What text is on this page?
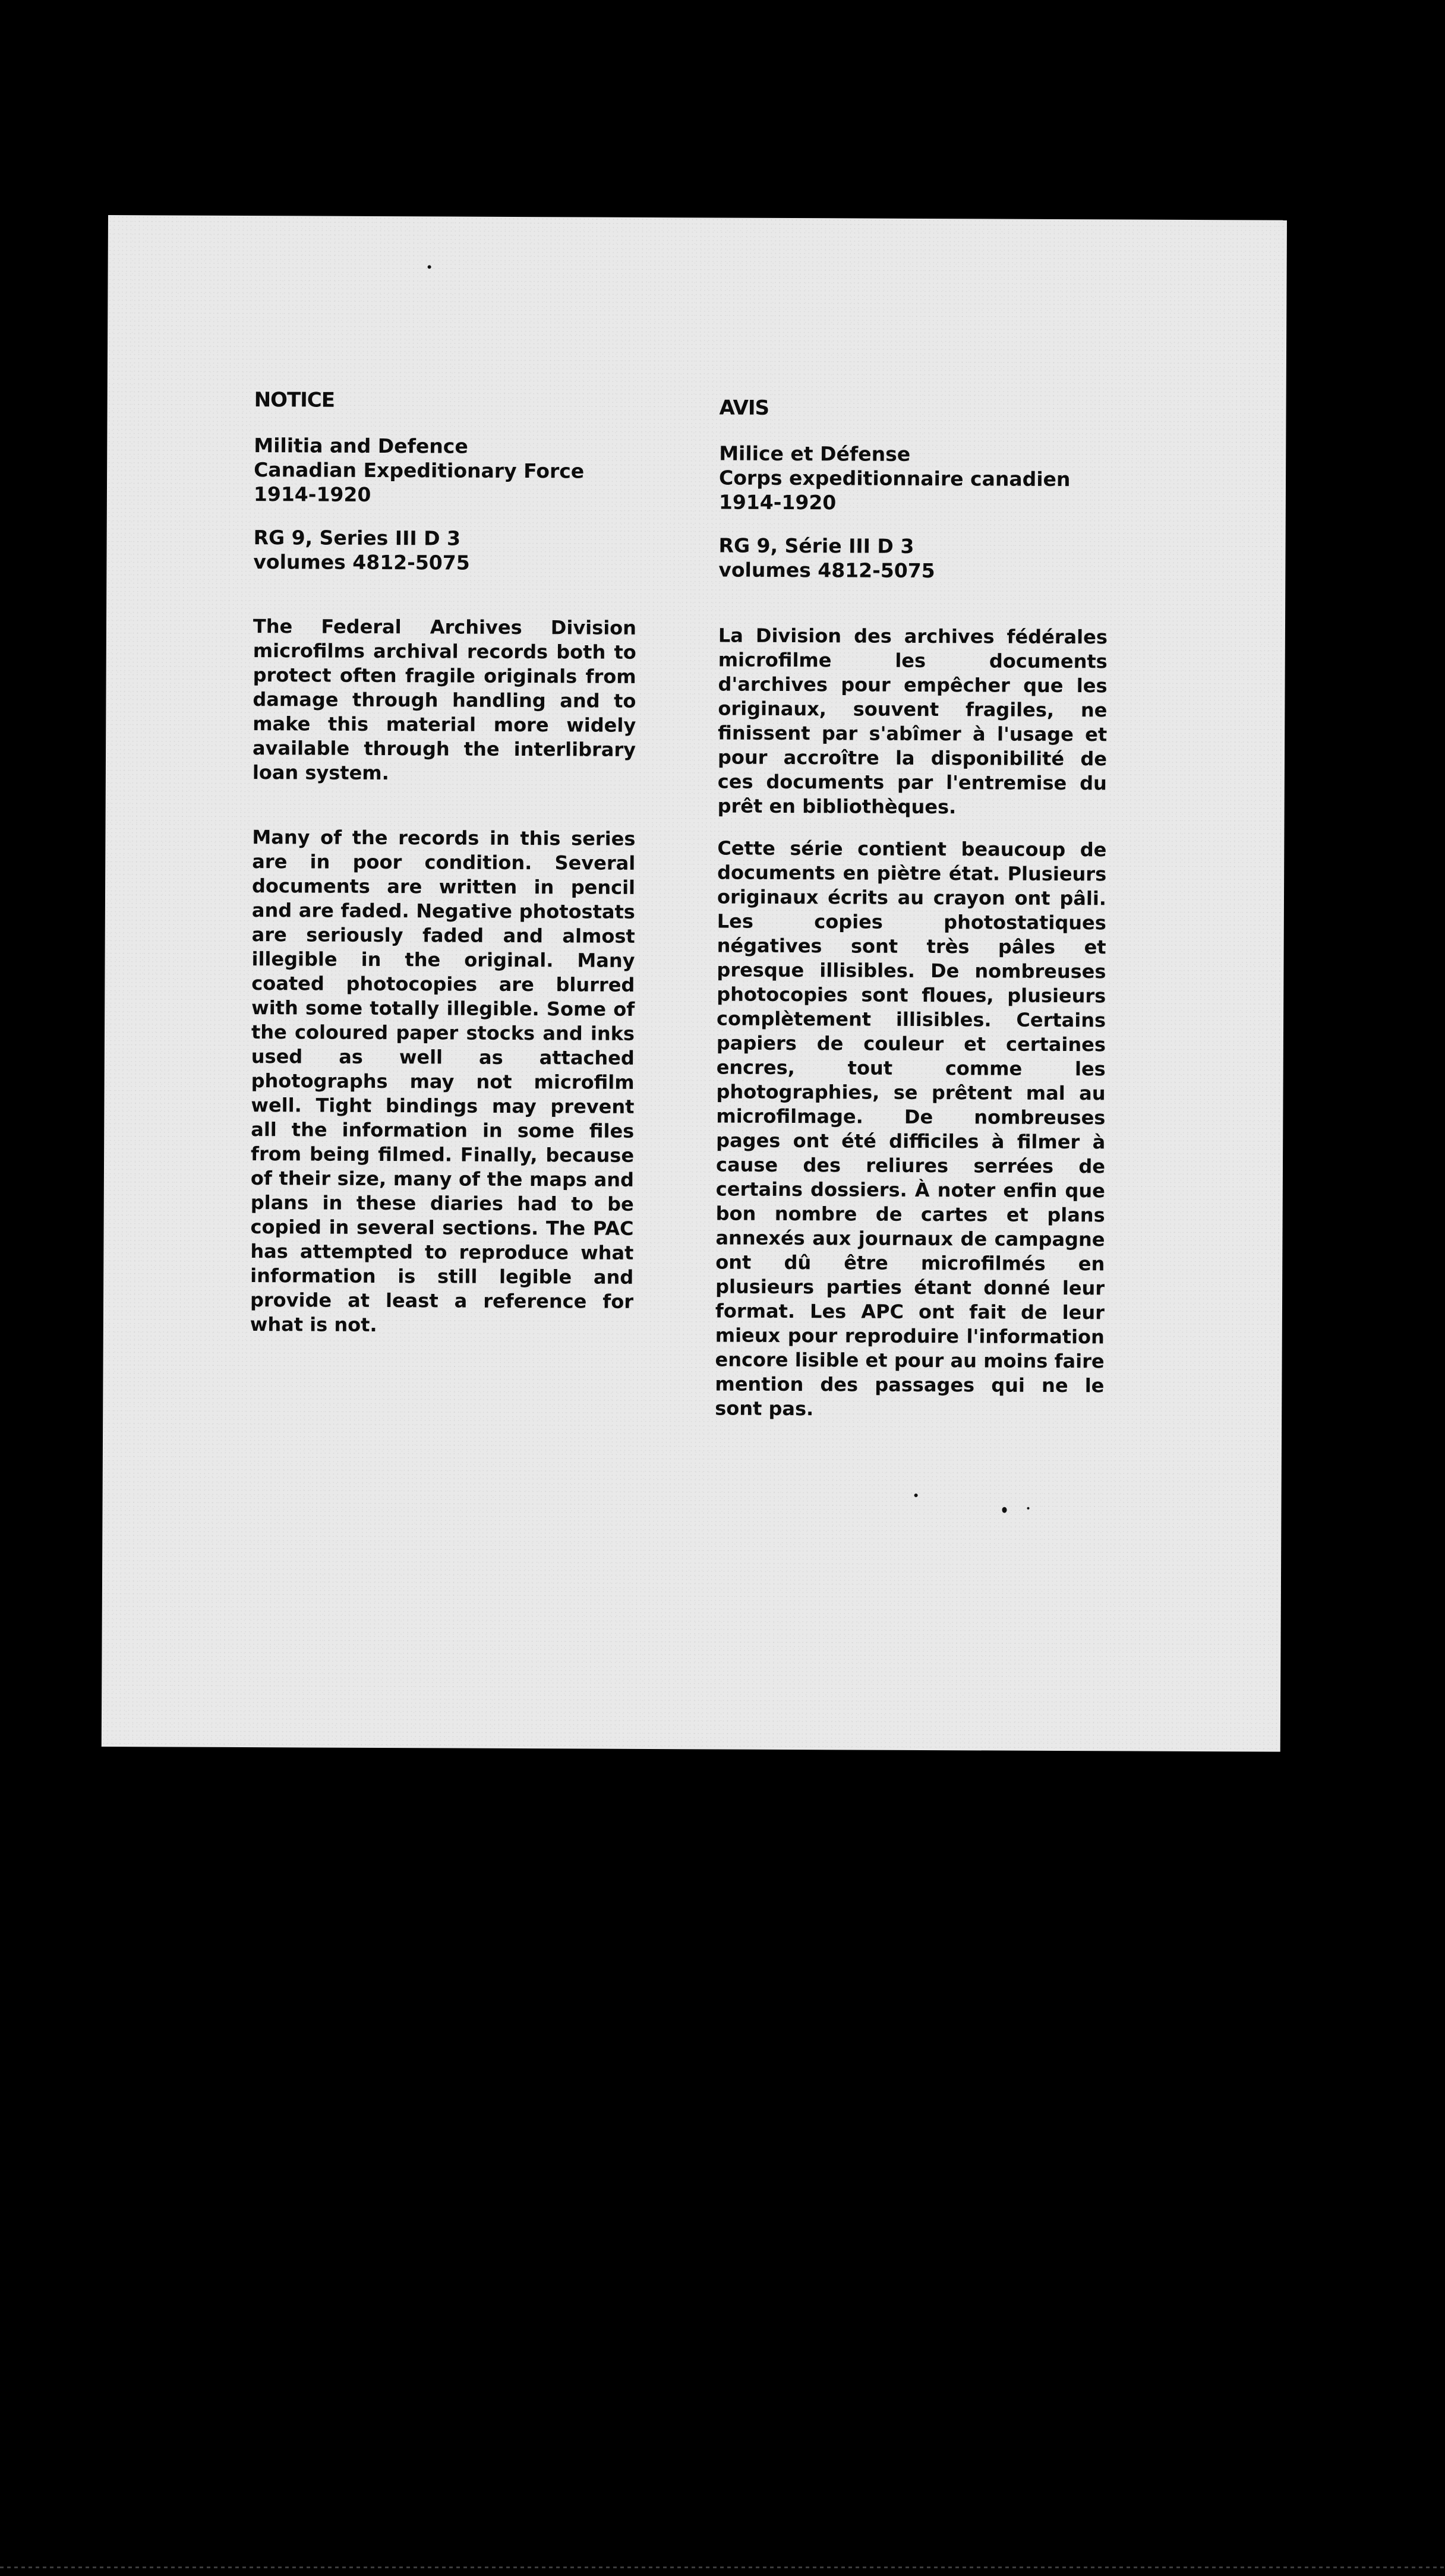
NOTICE
Militia and Defence
Canadian Expeditionary Force
1914-1920
RG 9, Series III D 3
volumes 4812-5075

The Federal Archives Division microfilms archival records both to protect often fragile originals from damage through handling and to make this material more widely available through the interlibrary loan system.

Many of the records in this series are in poor condition. Several documents are written in pencil and are faded. Negative photostats are seriously faded and almost illegible in the original. Many coated photocopies are blurred with some totally illegible. Some of the coloured paper stocks and inks used as well as attached photographs may not microfilm well. Tight bindings may prevent all the information in some files from being filmed. Finally, because of their size, many of the maps and plans in these diaries had to be copied in several sections. The PAC has attempted to reproduce what information is still legible and provide at least a reference for what is not.

AVIS
Milice et Défense
Corps expeditionnaire canadien
1914-1920
RG 9, Série III D 3
volumes 4812-5075

La Division des archives fédérales microfilme les documents d'archives pour empêcher que les originaux, souvent fragiles, ne finissent par s'abîmer à l'usage et pour accroître la disponibilité de ces documents par l'entremise du prêt en bibliothèques.

Cette série contient beaucoup de documents en piètre état. Plusieurs originaux écrits au crayon ont pâli. Les copies photostatiques négatives sont très pâles et presque illisibles. De nombreuses photocopies sont floues, plusieurs complètement illisibles. Certains papiers de couleur et certaines encres, tout comme les photographies, se prêtent mal au microfilmage. De nombreuses pages ont été difficiles à filmer à cause des reliures serrées de certains dossiers. À noter enfin que bon nombre de cartes et plans annexés aux journaux de campagne ont dû être microfilmés en plusieurs parties étant donné leur format. Les APC ont fait de leur mieux pour reproduire l'information encore lisible et pour au moins faire mention des passages qui ne le sont pas.
